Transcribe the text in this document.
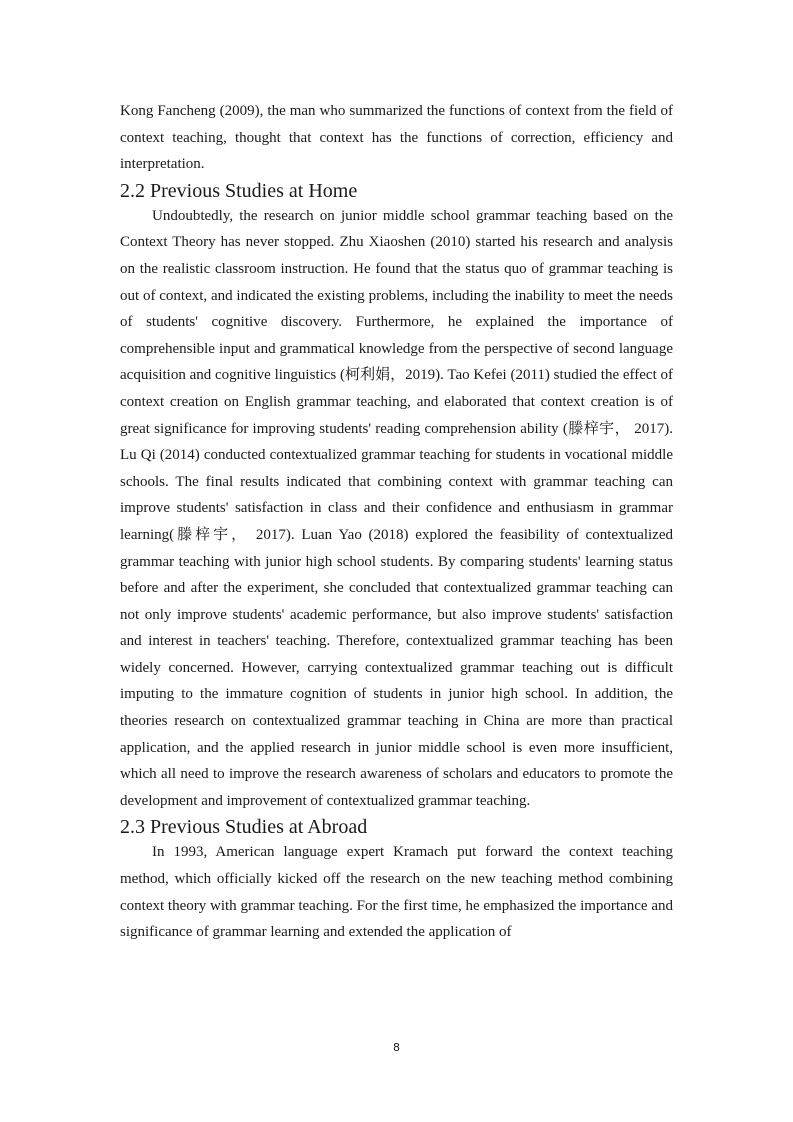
Kong Fancheng (2009), the man who summarized the functions of context from the field of context teaching, thought that context has the functions of correction, efficiency and interpretation.

2.2 Previous Studies at Home

Undoubtedly, the research on junior middle school grammar teaching based on the Context Theory has never stopped. Zhu Xiaoshen (2010) started his research and analysis on the realistic classroom instruction. He found that the status quo of grammar teaching is out of context, and indicated the existing problems, including the inability to meet the needs of students' cognitive discovery. Furthermore, he explained the importance of comprehensible input and grammatical knowledge from the perspective of second language acquisition and cognitive linguistics (柯利娟，2019). Tao Kefei (2011) studied the effect of context creation on English grammar teaching, and elaborated that context creation is of great significance for improving students' reading comprehension ability (滕梓宇， 2017). Lu Qi (2014) conducted contextualized grammar teaching for students in vocational middle schools. The final results indicated that combining context with grammar teaching can improve students' satisfaction in class and their confidence and enthusiasm in grammar learning(滕梓宇， 2017). Luan Yao (2018) explored the feasibility of contextualized grammar teaching with junior high school students. By comparing students' learning status before and after the experiment, she concluded that contextualized grammar teaching can not only improve students' academic performance, but also improve students' satisfaction and interest in teachers' teaching. Therefore, contextualized grammar teaching has been widely concerned. However, carrying contextualized grammar teaching out is difficult imputing to the immature cognition of students in junior high school. In addition, the theories research on contextualized grammar teaching in China are more than practical application, and the applied research in junior middle school is even more insufficient, which all need to improve the research awareness of scholars and educators to promote the development and improvement of contextualized grammar teaching.

2.3 Previous Studies at Abroad

In 1993, American language expert Kramach put forward the context teaching method, which officially kicked off the research on the new teaching method combining context theory with grammar teaching. For the first time, he emphasized the importance and significance of grammar learning and extended the application of

8
